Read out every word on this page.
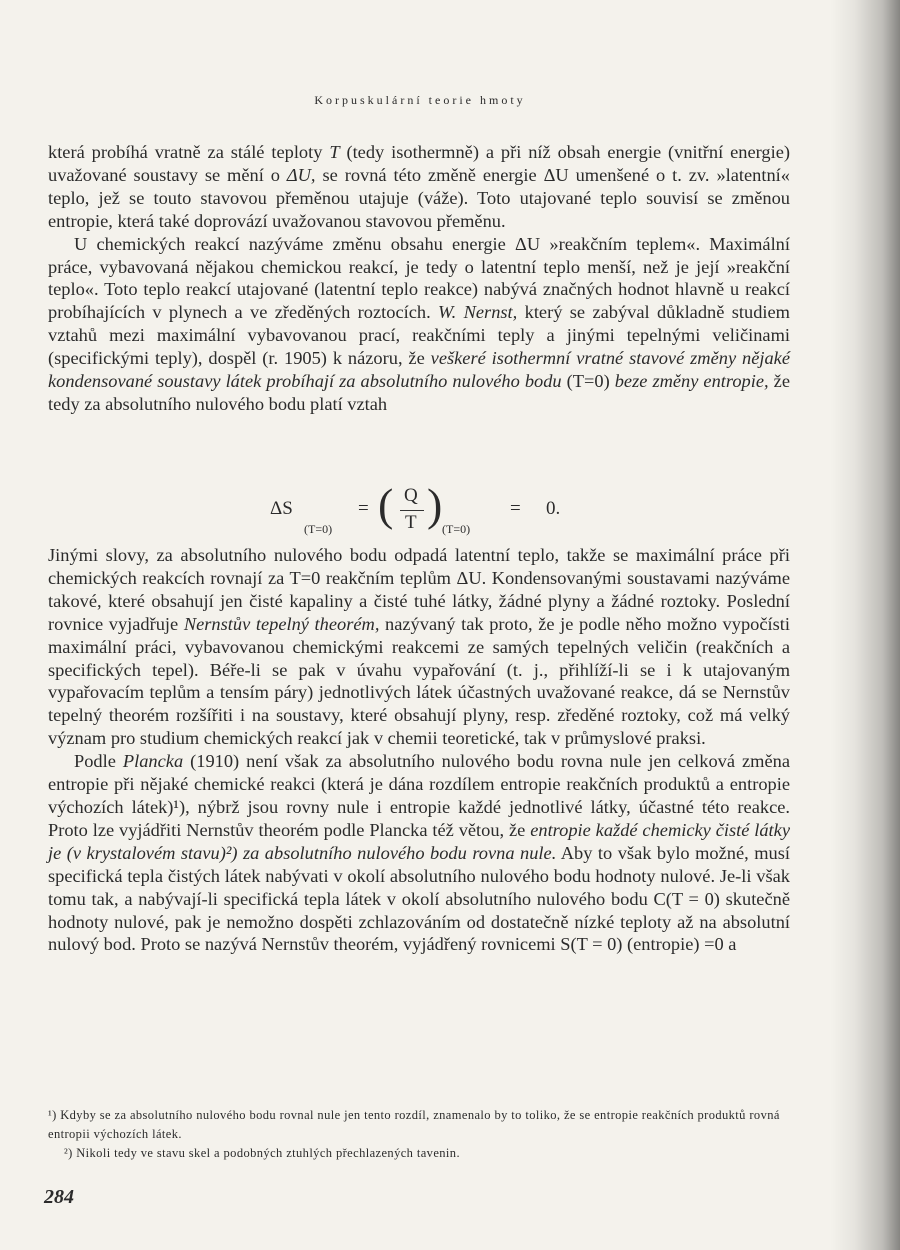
Korpuskulární teorie hmoty

která probíhá vratně za stálé teploty T (tedy isothermně) a při níž obsah energie (vnitřní energie) uvažované soustavy se mění o ΔU, se rovná této změně energie ΔU umenšené o t. zv. »latentní« teplo, jež se touto stavovou přeměnou utajuje (váže). Toto utajované teplo souvisí se změnou entropie, která také doprovází uvažovanou stavovou přeměnu.

U chemických reakcí nazýváme změnu obsahu energie ΔU »reakčním teplem«. Maximální práce, vybavovaná nějakou chemickou reakcí, je tedy o latentní teplo menší, než je její »reakční teplo«. Toto teplo reakcí utajované (latentní teplo reakce) nabývá značných hodnot hlavně u reakcí probíhajících v plynech a ve zředěných roztocích. W. Nernst, který se zabýval důkladně studiem vztahů mezi maximální vybavovanou prací, reakčními teply a jinými tepelnými veličinami (specifickými teply), dospěl (r. 1905) k názoru, že veškeré isothermní vratné stavové změny nějaké kondensované soustavy látek probíhají za absolutního nulového bodu (T=0) beze změny entropie, že tedy za absolutního nulového bodu platí vztah

ΔS
(T=0)
= ( Q
T ) (T=0)
= 0.

Jinými slovy, za absolutního nulového bodu odpadá latentní teplo, takže se maximální práce při chemických reakcích rovnají za T=0 reakčním teplům ΔU. Kondensovanými soustavami nazýváme takové, které obsahují jen čisté kapaliny a čisté tuhé látky, žádné plyny a žádné roztoky. Poslední rovnice vyjadřuje Nernstův tepelný theorém, nazývaný tak proto, že je podle něho možno vypočísti maximální práci, vybavovanou chemickými reakcemi ze samých tepelných veličin (reakčních a specifických tepel). Béře-li se pak v úvahu vypařování (t. j., přihlíží-li se i k utajovaným vypařovacím teplům a tensím páry) jednotlivých látek účastných uvažované reakce, dá se Nernstův tepelný theorém rozšířiti i na soustavy, které obsahují plyny, resp. zředěné roztoky, což má velký význam pro studium chemických reakcí jak v chemii teoretické, tak v průmyslové praksi.

Podle Plancka (1910) není však za absolutního nulového bodu rovna nule jen celková změna entropie při nějaké chemické reakci (která je dána rozdílem entropie reakčních produktů a entropie výchozích látek)¹), nýbrž jsou rovny nule i entropie každé jednotlivé látky, účastné této reakce. Proto lze vyjádřiti Nernstův theorém podle Plancka též větou, že entropie každé chemicky čisté látky je (v krystalovém stavu)²) za absolutního nulového bodu rovna nule. Aby to však bylo možné, musí specifická tepla čistých látek nabývati v okolí absolutního nulového bodu hodnoty nulové. Je-li však tomu tak, a nabývají-li specifická tepla látek v okolí absolutního nulového bodu C(T = 0) skutečně hodnoty nulové, pak je nemožno dospěti zchlazováním od dostatečně nízké teploty až na absolutní nulový bod. Proto se nazývá Nernstův theorém, vyjádřený rovnicemi S(T = 0) (entropie) =0 a

¹) Kdyby se za absolutního nulového bodu rovnal nule jen tento rozdíl, znamenalo by to toliko, že se entropie reakčních produktů rovná entropii výchozích látek.

²) Nikoli tedy ve stavu skel a podobných ztuhlých přechlazených tavenin.

284
